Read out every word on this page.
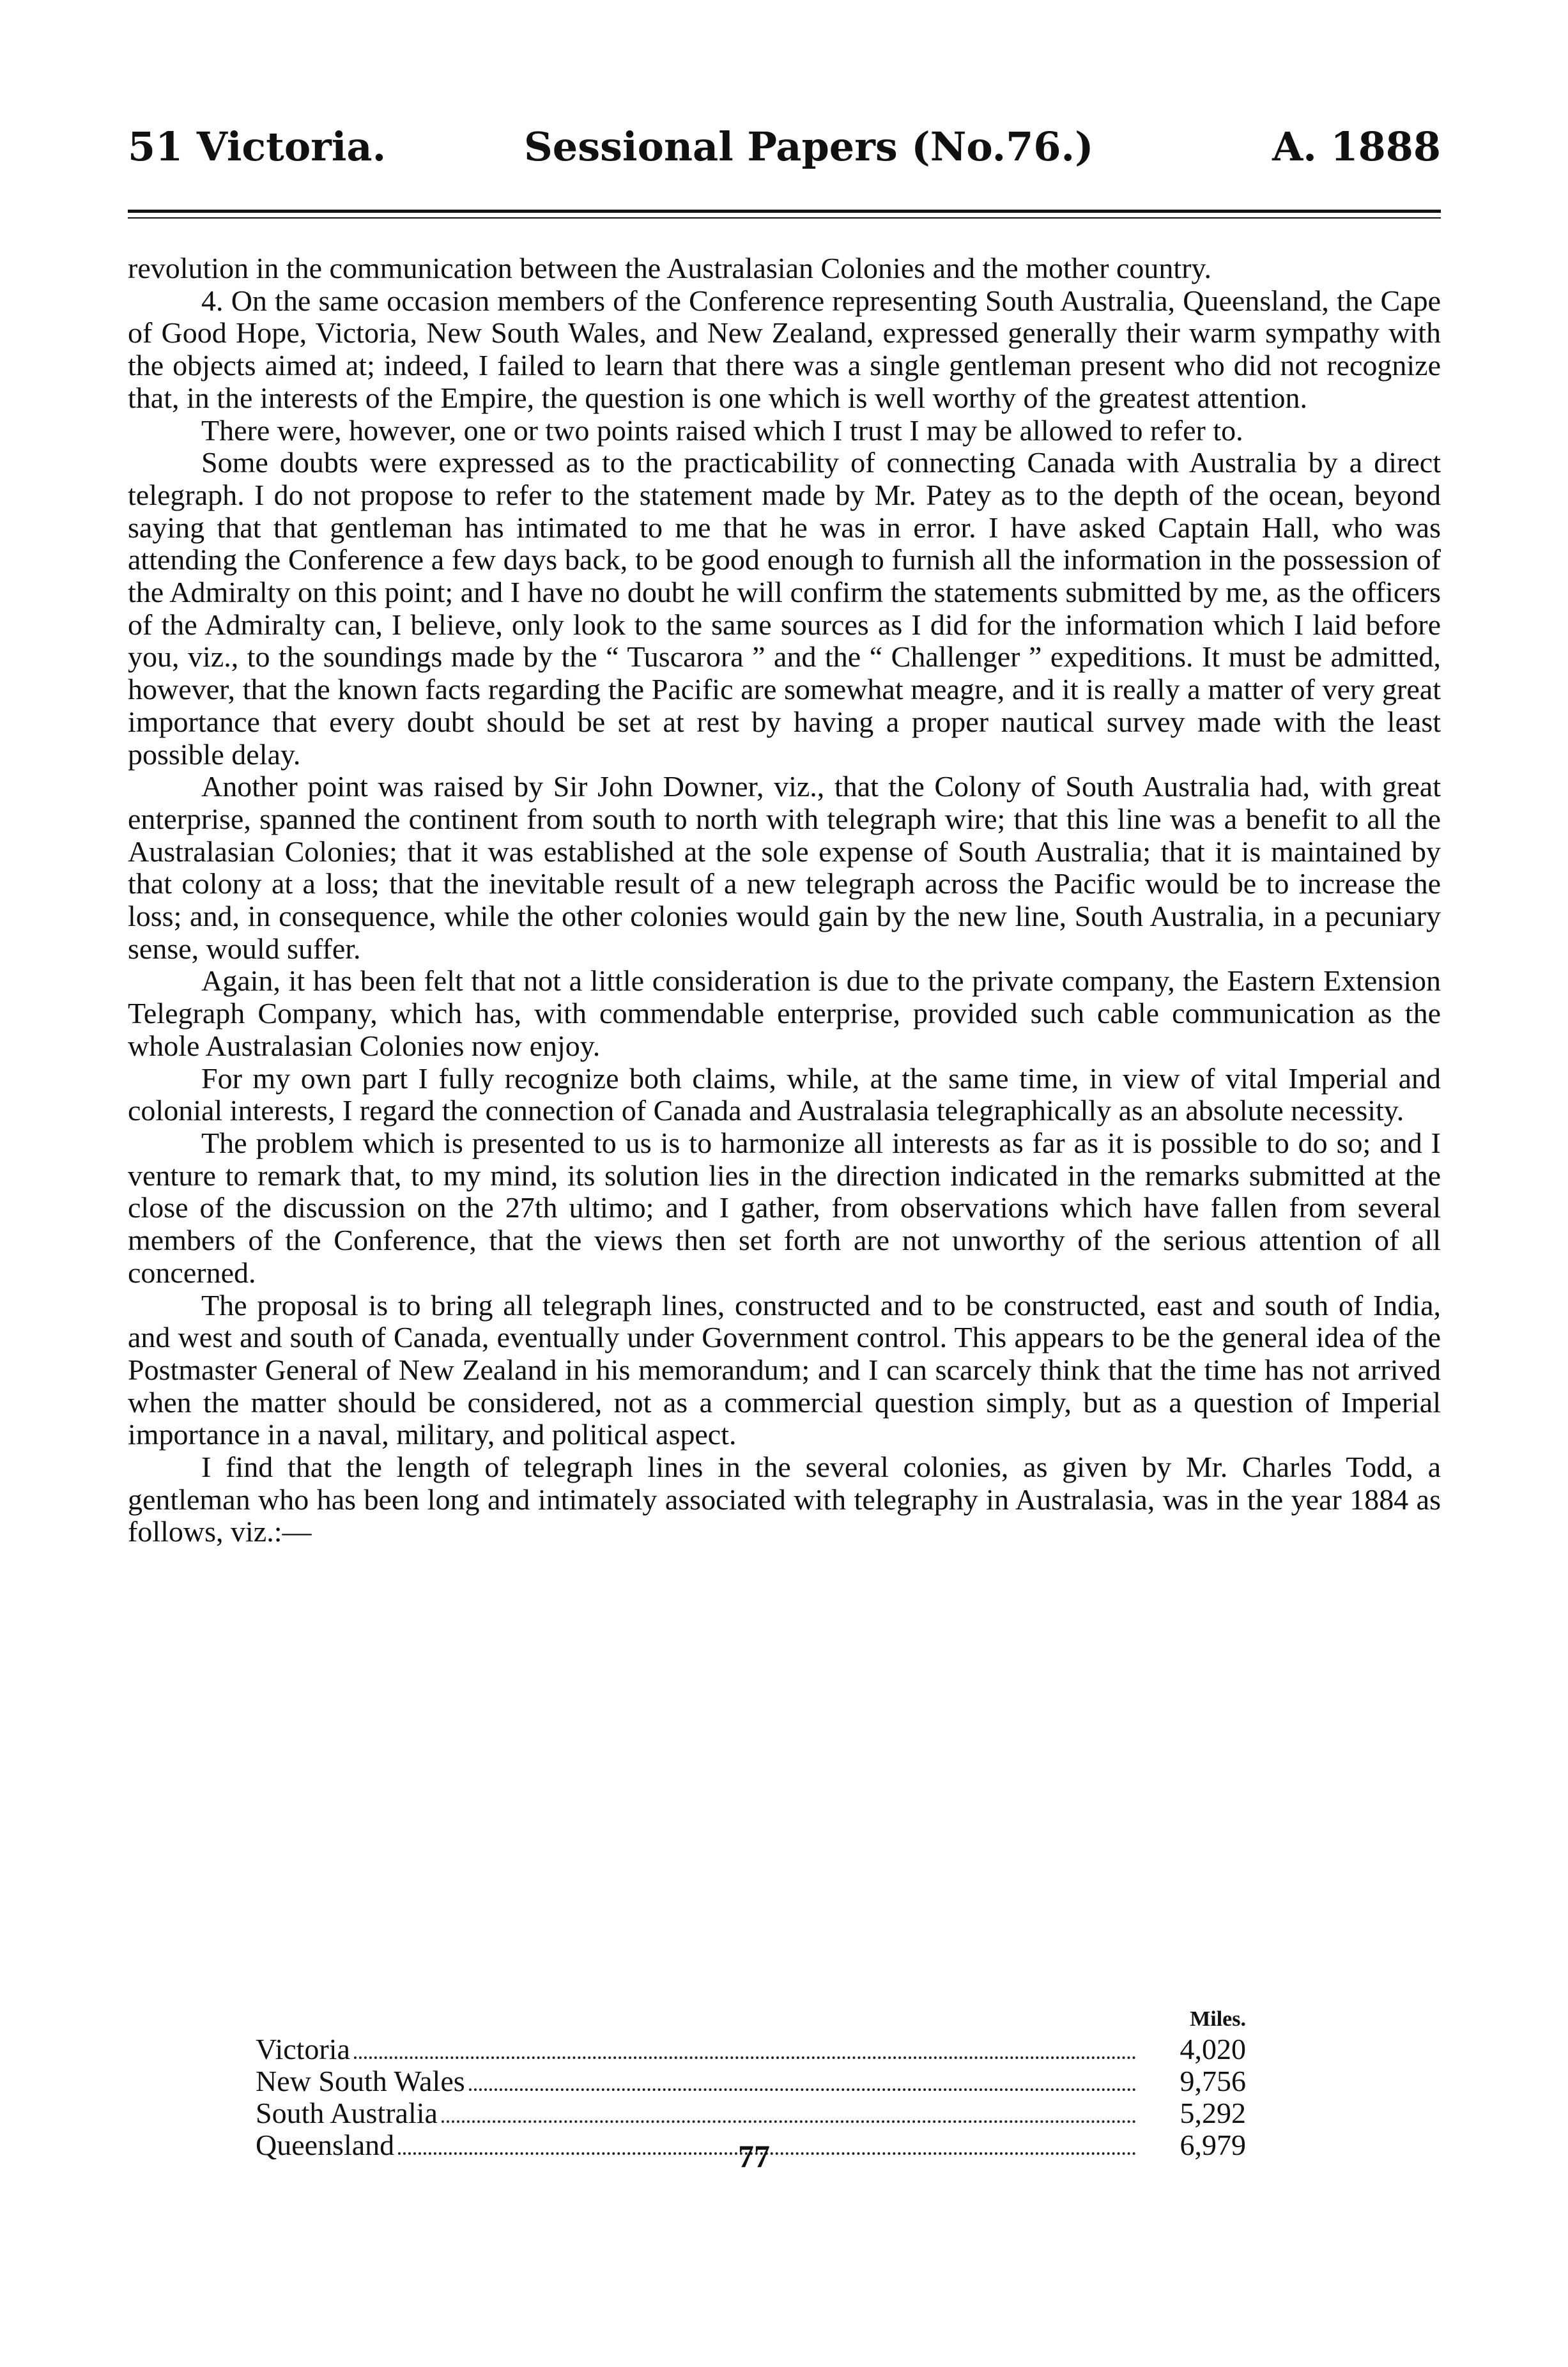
51 Victoria.	Sessional Papers (No.76.)	A. 1888

revolution in the communication between the Australasian Colonies and the mother country.

4. On the same occasion members of the Conference representing South Australia, Queensland, the Cape of Good Hope, Victoria, New South Wales, and New Zealand, expressed generally their warm sympathy with the objects aimed at; indeed, I failed to learn that there was a single gentleman present who did not recognize that, in the interests of the Empire, the question is one which is well worthy of the greatest attention.

There were, however, one or two points raised which I trust I may be allowed to refer to.

Some doubts were expressed as to the practicability of connecting Canada with Australia by a direct telegraph. I do not propose to refer to the statement made by Mr. Patey as to the depth of the ocean, beyond saying that that gentleman has intimated to me that he was in error. I have asked Captain Hall, who was attending the Conference a few days back, to be good enough to furnish all the information in the possession of the Admiralty on this point; and I have no doubt he will confirm the statements submitted by me, as the officers of the Admiralty can, I believe, only look to the same sources as I did for the information which I laid before you, viz., to the soundings made by the “ Tuscarora ” and the “ Challenger ” expeditions. It must be admitted, however, that the known facts regarding the Pacific are somewhat meagre, and it is really a matter of very great importance that every doubt should be set at rest by having a proper nautical survey made with the least possible delay.

Another point was raised by Sir John Downer, viz., that the Colony of South Australia had, with great enterprise, spanned the continent from south to north with telegraph wire; that this line was a benefit to all the Australasian Colonies; that it was established at the sole expense of South Australia; that it is maintained by that colony at a loss; that the inevitable result of a new telegraph across the Pacific would be to increase the loss; and, in consequence, while the other colonies would gain by the new line, South Australia, in a pecuniary sense, would suffer.

Again, it has been felt that not a little consideration is due to the private company, the Eastern Extension Telegraph Company, which has, with commendable enterprise, provided such cable communication as the whole Australasian Colonies now enjoy.

For my own part I fully recognize both claims, while, at the same time, in view of vital Imperial and colonial interests, I regard the connection of Canada and Australasia telegraphically as an absolute necessity.

The problem which is presented to us is to harmonize all interests as far as it is possible to do so; and I venture to remark that, to my mind, its solution lies in the direction indicated in the remarks submitted at the close of the discussion on the 27th ultimo; and I gather, from observations which have fallen from several members of the Conference, that the views then set forth are not unworthy of the serious attention of all concerned.

The proposal is to bring all telegraph lines, constructed and to be constructed, east and south of India, and west and south of Canada, eventually under Government control. This appears to be the general idea of the Postmaster General of New Zealand in his memorandum; and I can scarcely think that the time has not arrived when the matter should be considered, not as a commercial question simply, but as a question of Imperial importance in a naval, military, and political aspect.

I find that the length of telegraph lines in the several colonies, as given by Mr. Charles Todd, a gentleman who has been long and intimately associated with telegraphy in Australasia, was in the year 1884 as follows, viz.:—

Miles.
Victoria	4,020
New South Wales	9,756
South Australia	5,292
Queensland	6,979
77
